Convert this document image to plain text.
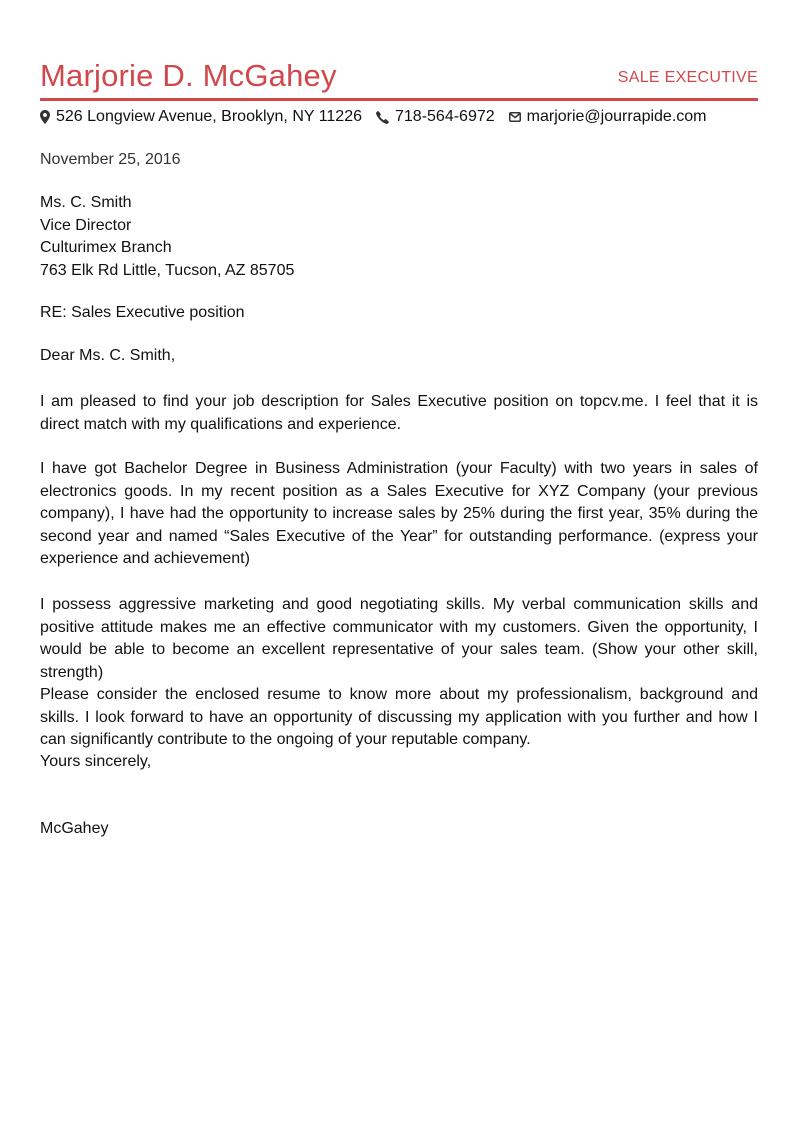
Marjorie D. McGahey	SALE EXECUTIVE
526 Longview Avenue, Brooklyn, NY 11226 718-564-6972 marjorie@jourrapide.com
November 25, 2016
Ms. C. Smith
Vice Director
Culturimex Branch
763 Elk Rd Little, Tucson, AZ 85705
RE: Sales Executive position
Dear Ms. C. Smith,

I am pleased to find your job description for Sales Executive position on topcv.me. I feel that it is direct match with my qualifications and experience.

I have got Bachelor Degree in Business Administration (your Faculty) with two years in sales of electronics goods. In my recent position as a Sales Executive for XYZ Company (your previous company), I have had the opportunity to increase sales by 25% during the first year, 35% during the second year and named “Sales Executive of the Year” for outstanding performance. (express your experience and achievement)

I possess aggressive marketing and good negotiating skills. My verbal communication skills and positive attitude makes me an effective communicator with my customers. Given the opportunity, I would be able to become an excellent representative of your sales team. (Show your other skill, strength)

Please consider the enclosed resume to know more about my professionalism, background and skills. I look forward to have an opportunity of discussing my application with you further and how I can significantly contribute to the ongoing of your reputable company.

Yours sincerely,
McGahey
